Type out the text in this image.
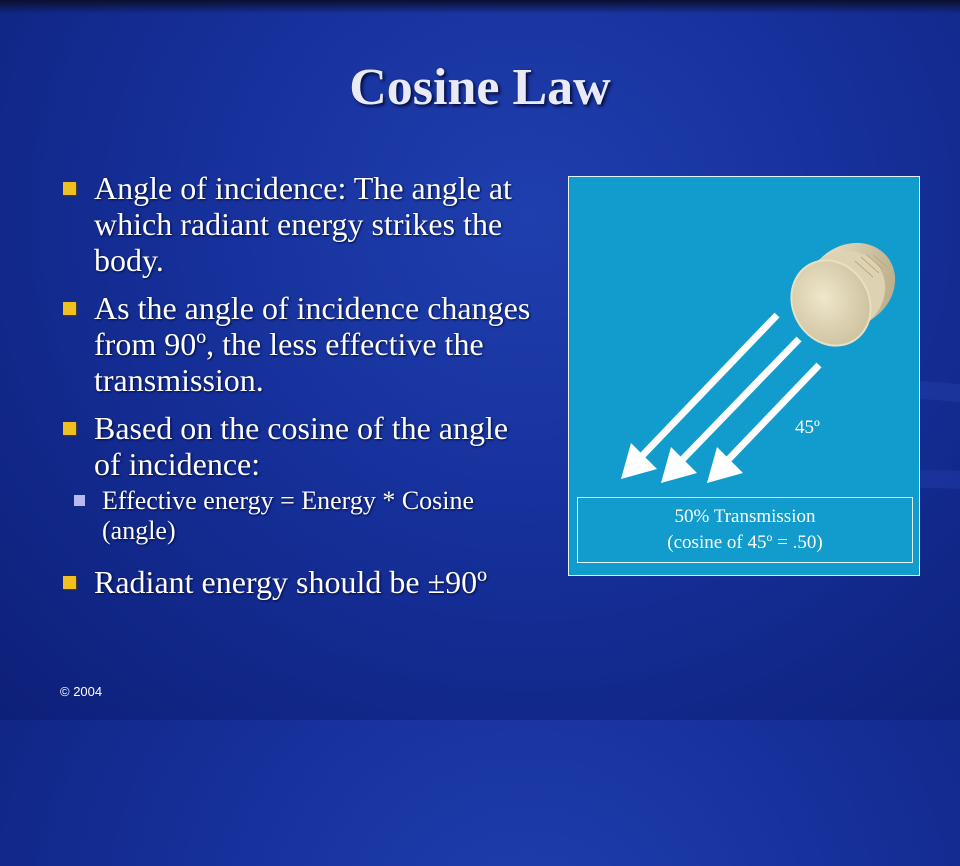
Cosine Law
Angle of incidence: The angle at which radiant energy strikes the body.
As the angle of incidence changes from 90º, the less effective the transmission.
Based on the cosine of the angle of incidence:
Effective energy = Energy * Cosine (angle)
Radiant energy should be ±90º
45º
50% Transmission
(cosine of 45º = .50)
© 2004
